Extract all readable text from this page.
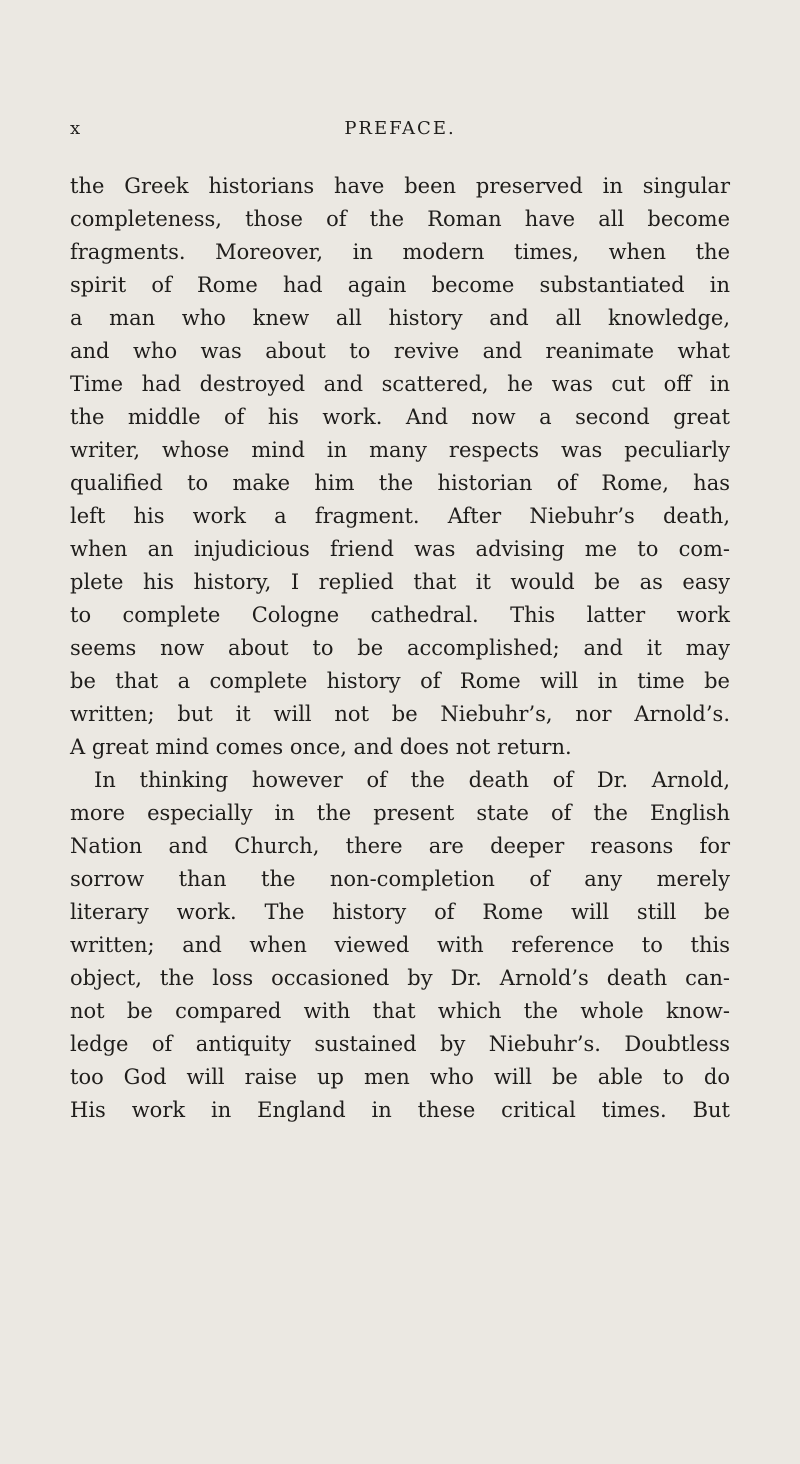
x	PREFACE.
the Greek historians have been preserved in singular
completeness, those of the Roman have all become
fragments. Moreover, in modern times, when the
spirit of Rome had again become substantiated in
a man who knew all history and all knowledge,
and who was about to revive and reanimate what
Time had destroyed and scattered, he was cut off in
the middle of his work. And now a second great
writer, whose mind in many respects was peculiarly
qualified to make him the historian of Rome, has
left his work a fragment. After Niebuhr’s death,
when an injudicious friend was advising me to com-
plete his history, I replied that it would be as easy
to complete Cologne cathedral. This latter work
seems now about to be accomplished; and it may
be that a complete history of Rome will in time be
written; but it will not be Niebuhr’s, nor Arnold’s.
A great mind comes once, and does not return.
In thinking however of the death of Dr. Arnold,
more especially in the present state of the English
Nation and Church, there are deeper reasons for
sorrow than the non-completion of any merely
literary work. The history of Rome will still be
written; and when viewed with reference to this
object, the loss occasioned by Dr. Arnold’s death can-
not be compared with that which the whole know-
ledge of antiquity sustained by Niebuhr’s. Doubtless
too God will raise up men who will be able to do
His work in England in these critical times. But
